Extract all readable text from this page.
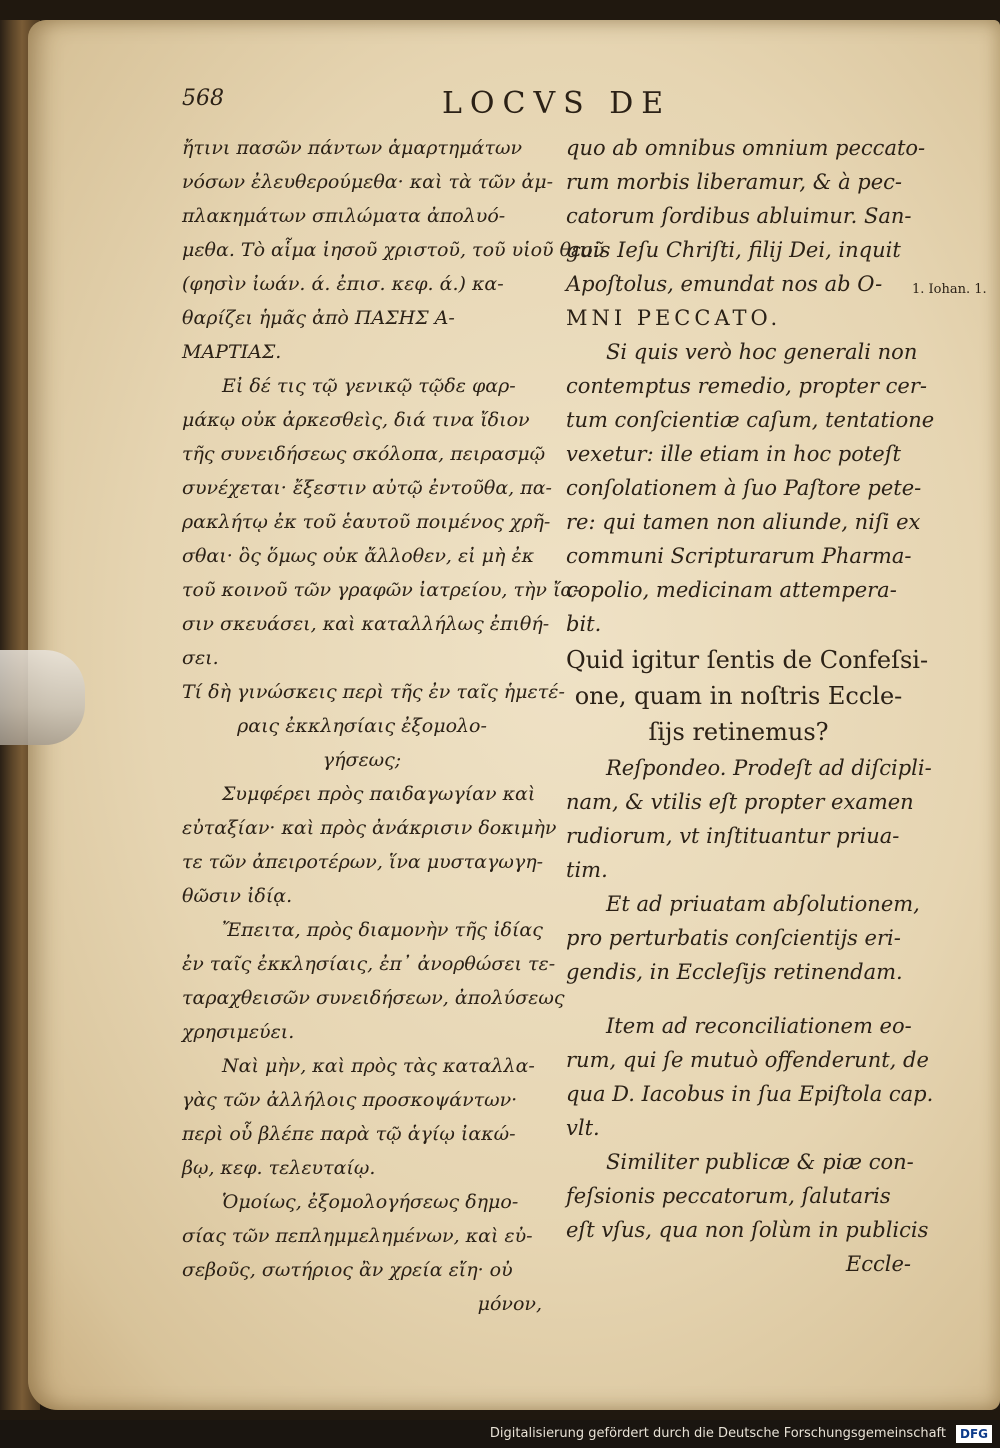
568	LOCVS DE
ἤτινι πασῶν πάντων ἁμαρτημάτων
νόσων ἐλευθερούμεθα· καὶ τὰ τῶν ἀμ-
πλακημάτων σπιλώματα ἀπολυό-
μεθα. Τὸ αἷμα ἰησοῦ χριστοῦ, τοῦ υἱοῦ θεοῦ
(φησὶν ἰωάν. ά. ἐπισ. κεφ. ά.) κα-
θαρίζει ἡμᾶς ἀπὸ ΠΑΣΗΣ Α-
ΜΑΡΤΙΑΣ.
Εἰ δέ τις τῷ γενικῷ τῷδε φαρ-
μάκῳ οὐκ ἀρκεσθεὶς, διά τινα ἴδιον
τῆς συνειδήσεως σκόλοπα, πειρασμῷ
συνέχεται· ἔξεστιν αὐτῷ ἐντοῦθα, πα-
ρακλήτῳ ἐκ τοῦ ἑαυτοῦ ποιμένος χρῆ-
σθαι· ὃς ὅμως οὐκ ἄλλοθεν, εἰ μὴ ἐκ
τοῦ κοινοῦ τῶν γραφῶν ἰατρείου, τὴν ἴα-
σιν σκευάσει, καὶ καταλλήλως ἐπιθή-
σει.
Τί δὴ γινώσκεις περὶ τῆς ἐν ταῖς ἡμετέ-
ραις ἐκκλησίαις ἐξομολο-
γήσεως;
Συμφέρει πρὸς παιδαγωγίαν καὶ
εὐταξίαν· καὶ πρὸς ἀνάκρισιν δοκιμὴν
τε τῶν ἀπειροτέρων, ἵνα μυσταγωγη-
θῶσιν ἰδίᾳ.
Ἔπειτα, πρὸς διαμονὴν τῆς ἰδίας
ἐν ταῖς ἐκκλησίαις, ἐπ᾽ ἀνορθώσει τε-
ταραχθεισῶν συνειδήσεων, ἀπολύσεως
χρησιμεύει.
Ναὶ μὴν, καὶ πρὸς τὰς καταλλα-
γὰς τῶν ἀλλήλοις προσκοψάντων·
περὶ οὗ βλέπε παρὰ τῷ ἁγίῳ ἰακώ-
βῳ, κεφ. τελευταίῳ.
Ὁμοίως, ἐξομολογήσεως δημο-
σίας τῶν πεπλημμελημένων, καὶ εὐ-
σεβοῦς, σωτήριος ἂν χρεία εἴη· οὐ
μόνον,
quo ab omnibus omnium peccato-
rum morbis liberamur, & à pec-
catorum ſordibus abluimur. San-
guis Ieſu Chriſti, filij Dei, inquit
Apoſtolus, emundat nos ab O-
MNI PECCATO.
Si quis verò hoc generali non
contemptus remedio, propter cer-
tum conſcientiæ caſum, tentatione
vexetur: ille etiam in hoc poteſt
conſolationem à ſuo Paſtore pete-
re: qui tamen non aliunde, niſi ex
communi Scripturarum Pharma-
copolio, medicinam attempera-
bit.
Quid igitur ſentis de Confeſsi-
one, quam in noſtris Eccle-
ſijs retinemus?
Reſpondeo. Prodeſt ad diſcipli-
nam, & vtilis eſt propter examen
rudiorum, vt inſtituantur priua-
tim.
Et ad priuatam abſolutionem,
pro perturbatis conſcientijs eri-
gendis, in Eccleſijs retinendam.
Item ad reconciliationem eo-
rum, qui ſe mutuò offenderunt, de
qua D. Iacobus in ſua Epiſtola cap.
vlt.
Similiter publicæ & piæ con-
feſsionis peccatorum, ſalutaris
eſt vſus, qua non ſolùm in publicis
Eccle-
1. Iohan. 1.
Digitalisierung gefördert durch die Deutsche Forschungsgemeinschaft	DFG
